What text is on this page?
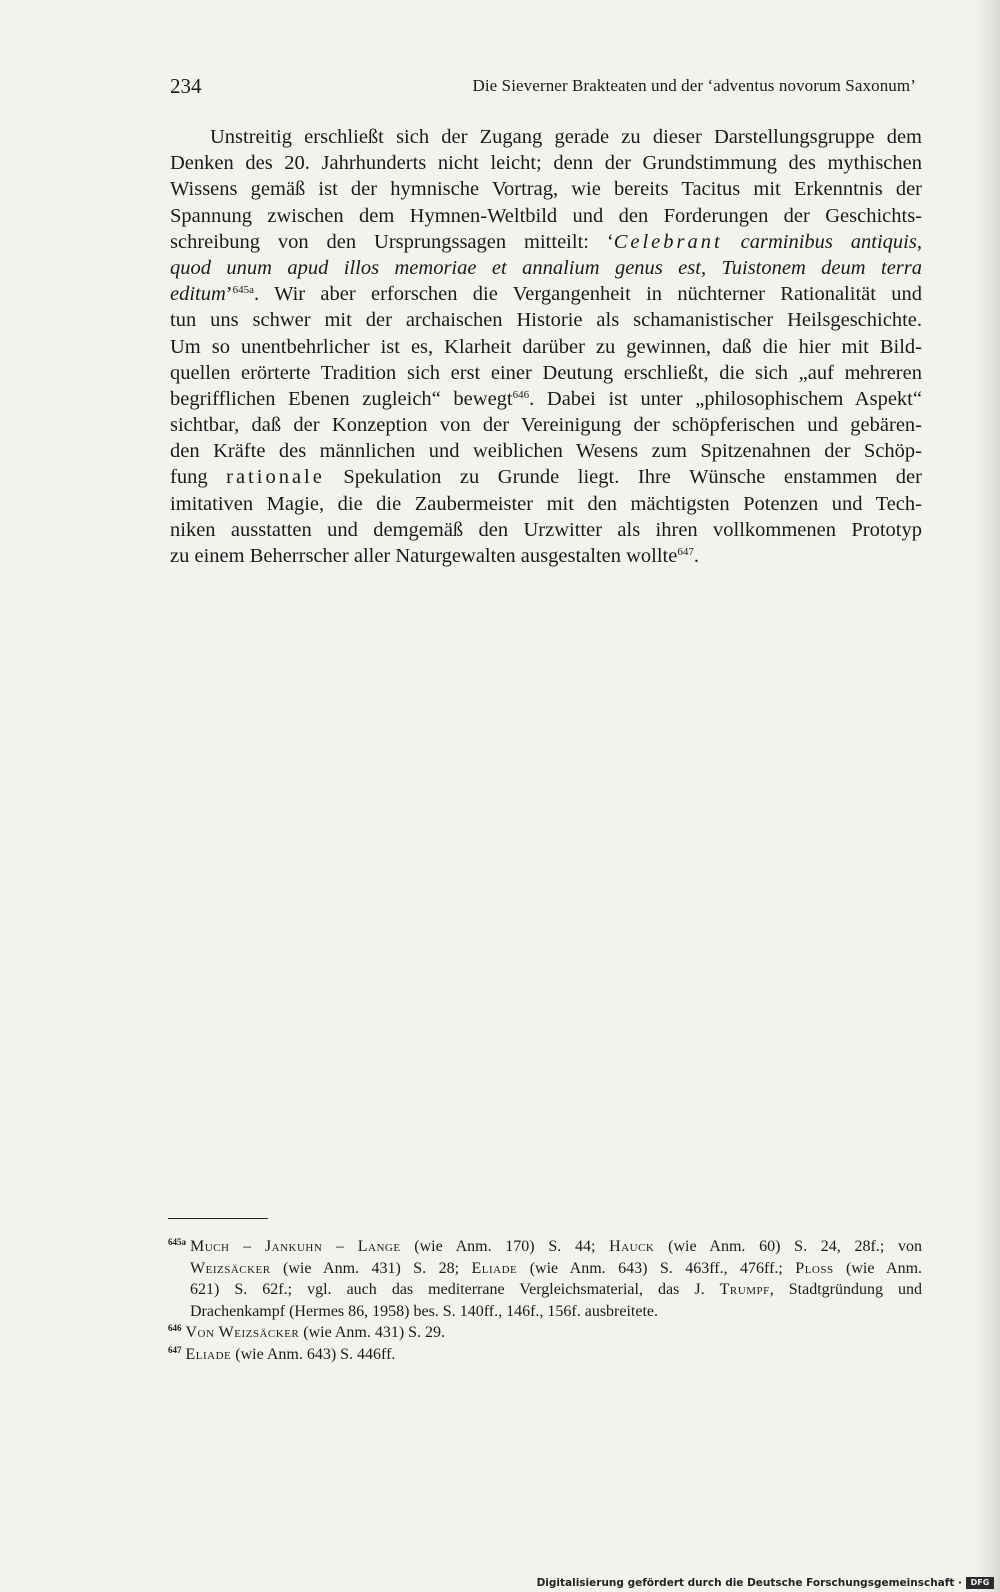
234	Die Sieverner Brakteaten und der ‘adventus novorum Saxonum’
Unstreitig erschließt sich der Zugang gerade zu dieser Darstellungsgruppe dem
Denken des 20. Jahrhunderts nicht leicht; denn der Grundstimmung des mythischen
Wissens gemäß ist der hymnische Vortrag, wie bereits Tacitus mit Erkenntnis der
Spannung zwischen dem Hymnen-Weltbild und den Forderungen der Geschichts-
schreibung von den Ursprungssagen mitteilt: ‘Celebrant carminibus antiquis,
quod unum apud illos memoriae et annalium genus est, Tuistonem deum terra
editum’$^{645a}$. Wir aber erforschen die Vergangenheit in nüchterner Rationalität und
tun uns schwer mit der archaischen Historie als schamanistischer Heilsgeschichte.
Um so unentbehrlicher ist es, Klarheit darüber zu gewinnen, daß die hier mit Bild-
quellen erörterte Tradition sich erst einer Deutung erschließt, die sich „auf mehreren
begrifflichen Ebenen zugleich“ bewegt$^{646}$. Dabei ist unter „philosophischem Aspekt“
sichtbar, daß der Konzeption von der Vereinigung der schöpferischen und gebären-
den Kräfte des männlichen und weiblichen Wesens zum Spitzenahnen der Schöp-
fung rationale Spekulation zu Grunde liegt. Ihre Wünsche enstammen der
imitativen Magie, die die Zaubermeister mit den mächtigsten Potenzen und Tech-
niken ausstatten und demgemäß den Urzwitter als ihren vollkommenen Prototyp
zu einem Beherrscher aller Naturgewalten ausgestalten wollte$^{647}$.
$^{645a}$ Much – Jankuhn – Lange (wie Anm. 170) S. 44; Hauck (wie Anm. 60) S. 24, 28f.; von
Weizsäcker (wie Anm. 431) S. 28; Eliade (wie Anm. 643) S. 463ff., 476ff.; Ploss (wie Anm.
621) S. 62f.; vgl. auch das mediterrane Vergleichsmaterial, das J. Trumpf, Stadtgründung und
Drachenkampf (Hermes 86, 1958) bes. S. 140ff., 146f., 156f. ausbreitete.
$^{646}$ Von Weizsäcker (wie Anm. 431) S. 29.
$^{647}$ Eliade (wie Anm. 643) S. 446ff.
Digitalisierung gefördert durch die Deutsche Forschungsgemeinschaft ·	DFG
